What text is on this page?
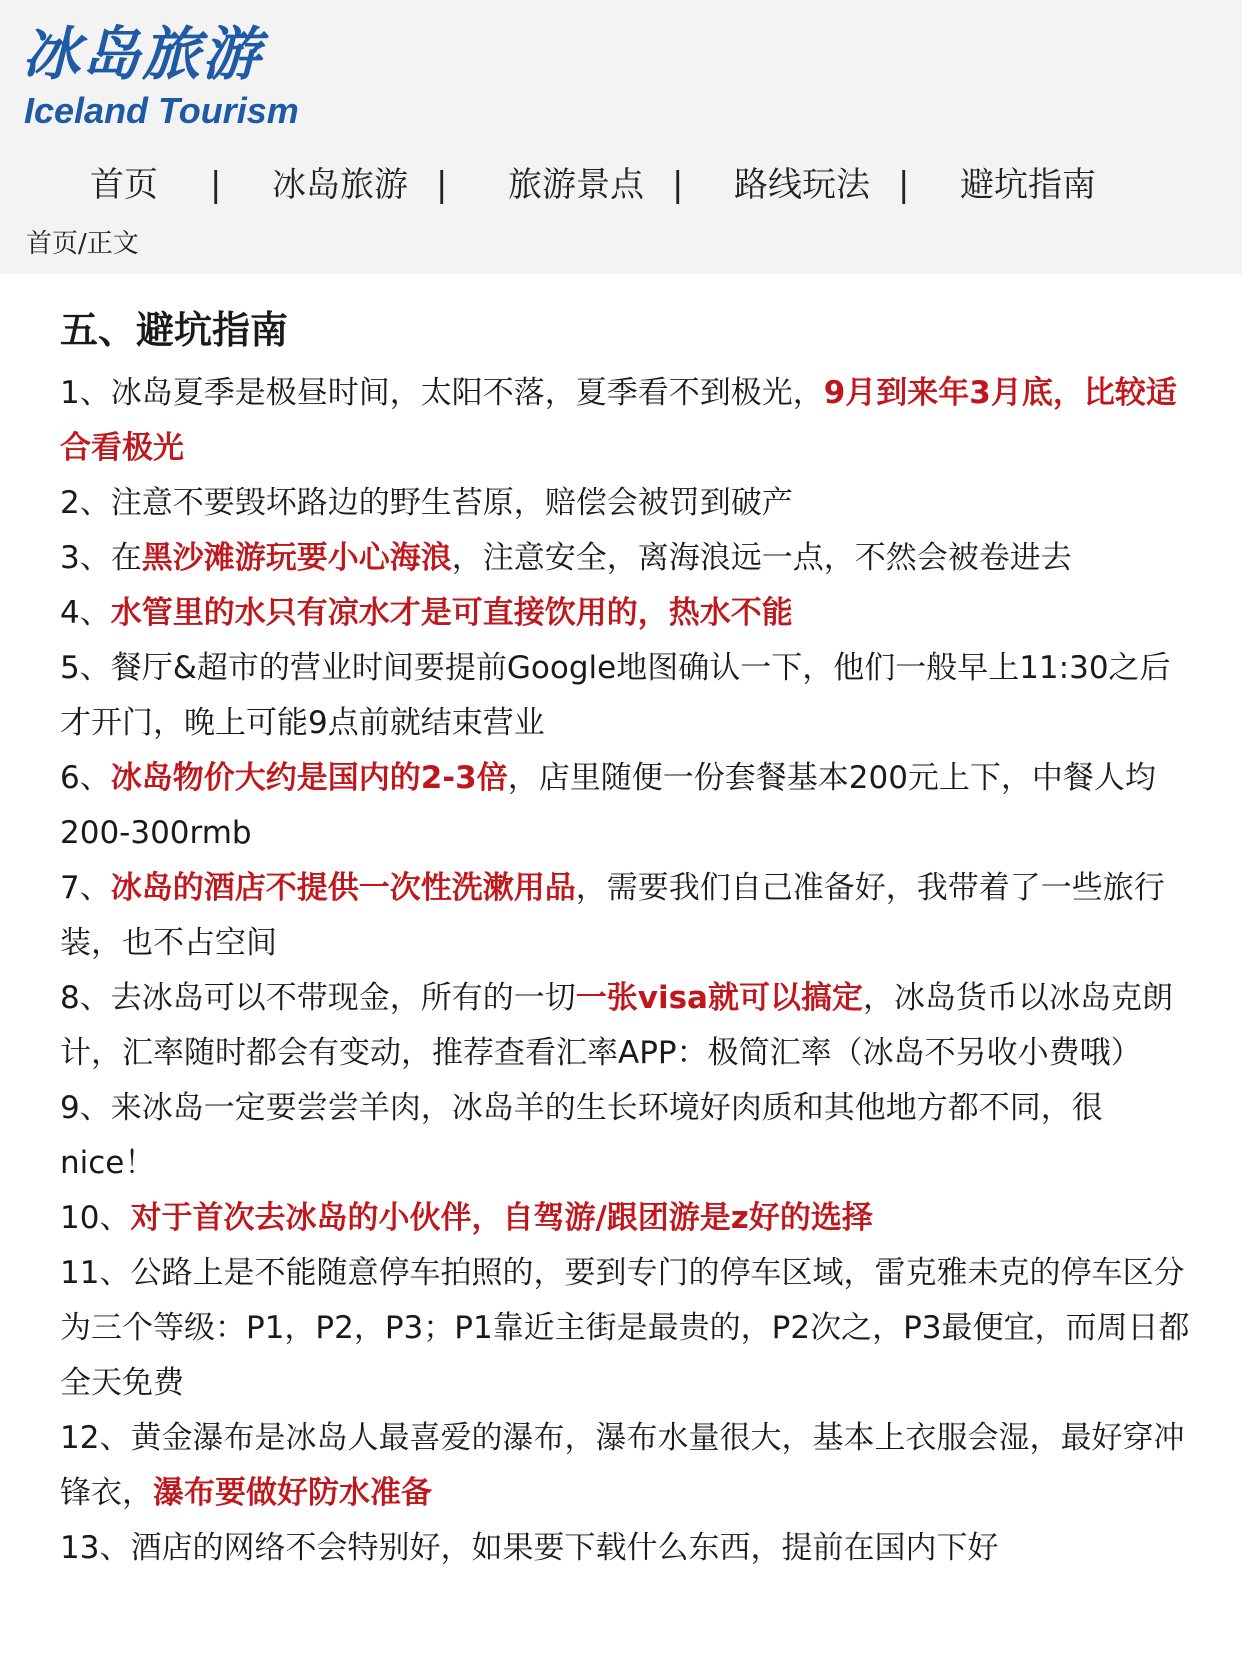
冰岛旅游
Iceland Tourism
首页 | 冰岛旅游 | 旅游景点 | 路线玩法 | 避坑指南
首页/正文
五、避坑指南

1、冰岛夏季是极昼时间，太阳不落，夏季看不到极光，9月到来年3月底，比较适合看极光

2、注意不要毁坏路边的野生苔原，赔偿会被罚到破产

3、在黑沙滩游玩要小心海浪，注意安全，离海浪远一点，不然会被卷进去

4、水管里的水只有凉水才是可直接饮用的，热水不能

5、餐厅&超市的营业时间要提前Google地图确认一下，他们一般早上11:30之后才开门，晚上可能9点前就结束营业

6、冰岛物价大约是国内的2-3倍，店里随便一份套餐基本200元上下，中餐人均200-300rmb

7、冰岛的酒店不提供一次性洗漱用品，需要我们自己准备好，我带着了一些旅行装，也不占空间

8、去冰岛可以不带现金，所有的一切一张visa就可以搞定，冰岛货币以冰岛克朗计，汇率随时都会有变动，推荐查看汇率APP：极简汇率（冰岛不另收小费哦）

9、来冰岛一定要尝尝羊肉，冰岛羊的生长环境好肉质和其他地方都不同，很nice！

10、对于首次去冰岛的小伙伴，自驾游/跟团游是z好的选择

11、公路上是不能随意停车拍照的，要到专门的停车区域，雷克雅未克的停车区分为三个等级：P1，P2，P3；P1靠近主街是最贵的，P2次之，P3最便宜，而周日都全天免费

12、黄金瀑布是冰岛人最喜爱的瀑布，瀑布水量很大，基本上衣服会湿，最好穿冲锋衣，瀑布要做好防水准备

13、酒店的网络不会特别好，如果要下载什么东西，提前在国内下好
